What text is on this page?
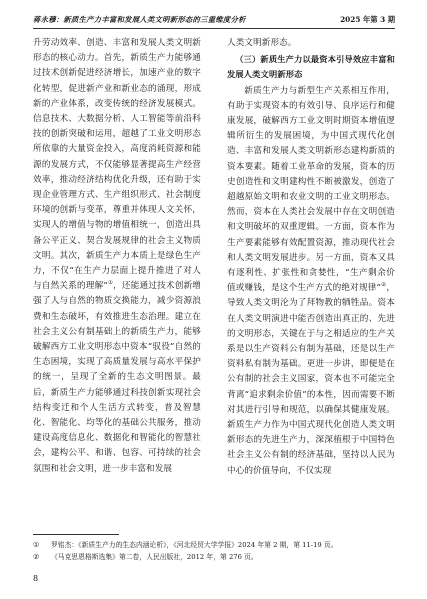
蒋永穆：新质生产力丰富和发展人类文明新形态的三重维度分析	2025 年第 3 期

升劳动效率、创造、丰富和发展人类文明新形态的核心动力。首先，新质生产力能够通过技术创新促进经济增长，加速产业的数字化转型，促进新产业和新业态的涌现，形成新的产业体系，改变传统的经济发展模式。信息技术、大数据分析、人工智能等前沿科技的创新突破和运用，超越了工业文明形态所依靠的大量资金投入，高度消耗资源和能源的发展方式，不仅能够显著提高生产经营效率，推动经济结构优化升级，还有助于实现企业管理方式、生产组织形式、社会制度环境的创新与变革，尊重并体现人文关怀，实现人的增值与物的增值相统一，创造出具备公平正义、契合发展规律的社会主义物质文明。其次，新质生产力本质上是绿色生产力，不仅“在生产力层面上提升推进了对人与自然关系的理解”①，还能通过技术创新增强了人与自然的物质交换能力，减少资源浪费和生态破坏，有效推进生态治理。建立在社会主义公有制基础上的新质生产力，能够破解西方工业文明形态中资本“驭役”自然的生态困境，实现了高质量发展与高水平保护的统一，呈现了全新的生态文明图景。最后，新质生产力能够通过科技创新实现社会结构变迁和个人生活方式转变，普及智慧化、智能化、均等化的基础公共服务，推动建设高度信息化、数据化和智能化的智慧社会，建构公平、和谐、包容、可持续的社会氛围和社会文明，进一步丰富和发展

人类文明新形态。

（三）新质生产力以最资本引导效应丰富和发展人类文明新形态

新质生产力与新型生产关系相互作用，有助于实现资本的有效引导、良序运行和健康发展，破解西方工业文明时期资本增值逻辑所衍生的发展困境，为中国式现代化创造、丰富和发展人类文明新形态建构新质的资本要素。随着工业革命的发展，资本的历史创造性和文明建构性不断被激发，创造了超越原始文明和农业文明的工业文明形态。然而，资本在人类社会发展中存在文明创造和文明破坏的双重逻辑。一方面，资本作为生产要素能够有效配置资源，推动现代社会和人类文明发展进步。另一方面，资本又具有逐利性、扩张性和贪婪性，“生产剩余价值或赚钱，是这个生产方式的绝对规律”②，导致人类文明沦为了拜物教的牺牲品。资本在人类文明演进中能否创造出真正的、先进的文明形态，关键在于与之相适应的生产关系是以生产资料公有制为基础，还是以生产资料私有制为基础。更进一步讲，即便是在公有制的社会主义国家，资本也不可能完全背离“追求剩余价值”的本性，因而需要不断对其进行引导和规范，以确保其健康发展。新质生产力作为中国式现代化创造人类文明新形态的先进生产力，深深植根于中国特色社会主义公有制的经济基础，坚持以人民为中心的价值导向，不仅实现

① 罗铭杰：《新质生产力的生态内涵论析》，《河北经贸大学学报》2024 年第 2 期，第 11-19 页。
② 《马克思恩格斯选集》第二卷，人民出版社，2012 年，第 276 页。
8
